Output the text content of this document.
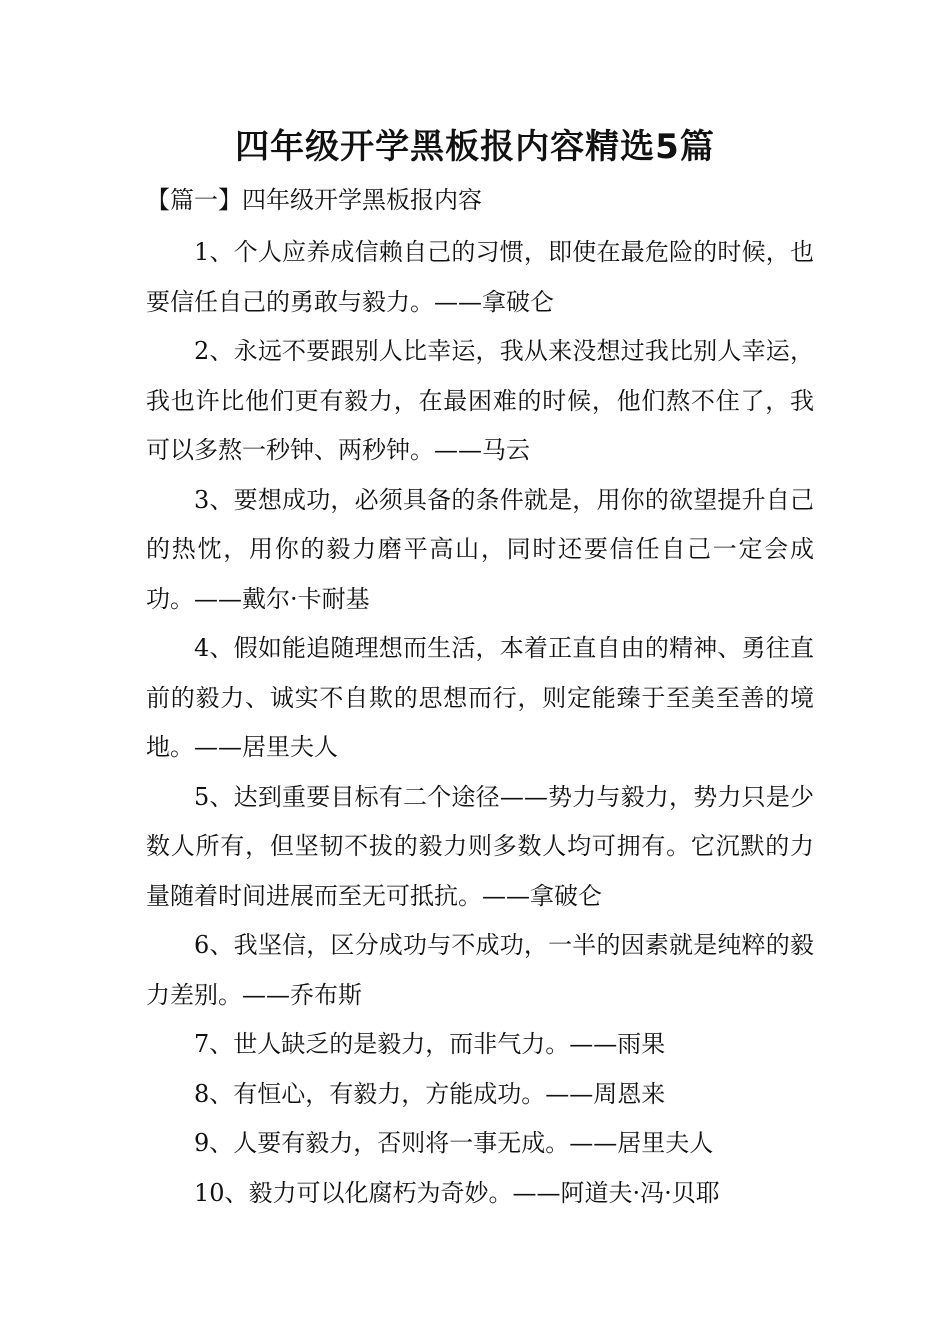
四年级开学黑板报内容精选5篇

【篇一】四年级开学黑板报内容

1、个人应养成信赖自己的习惯，即使在最危险的时候，也要信任自己的勇敢与毅力。——拿破仑

2、永远不要跟别人比幸运，我从来没想过我比别人幸运，我也许比他们更有毅力，在最困难的时候，他们熬不住了，我可以多熬一秒钟、两秒钟。——马云

3、要想成功，必须具备的条件就是，用你的欲望提升自己的热忱，用你的毅力磨平高山，同时还要信任自己一定会成功。——戴尔·卡耐基

4、假如能追随理想而生活，本着正直自由的精神、勇往直前的毅力、诚实不自欺的思想而行，则定能臻于至美至善的境地。——居里夫人

5、达到重要目标有二个途径——势力与毅力，势力只是少数人所有，但坚韧不拔的毅力则多数人均可拥有。它沉默的力量随着时间进展而至无可抵抗。——拿破仑

6、我坚信，区分成功与不成功，一半的因素就是纯粹的毅力差别。——乔布斯

7、世人缺乏的是毅力，而非气力。——雨果

8、有恒心，有毅力，方能成功。——周恩来

9、人要有毅力，否则将一事无成。——居里夫人

10、毅力可以化腐朽为奇妙。——阿道夫·冯·贝耶
